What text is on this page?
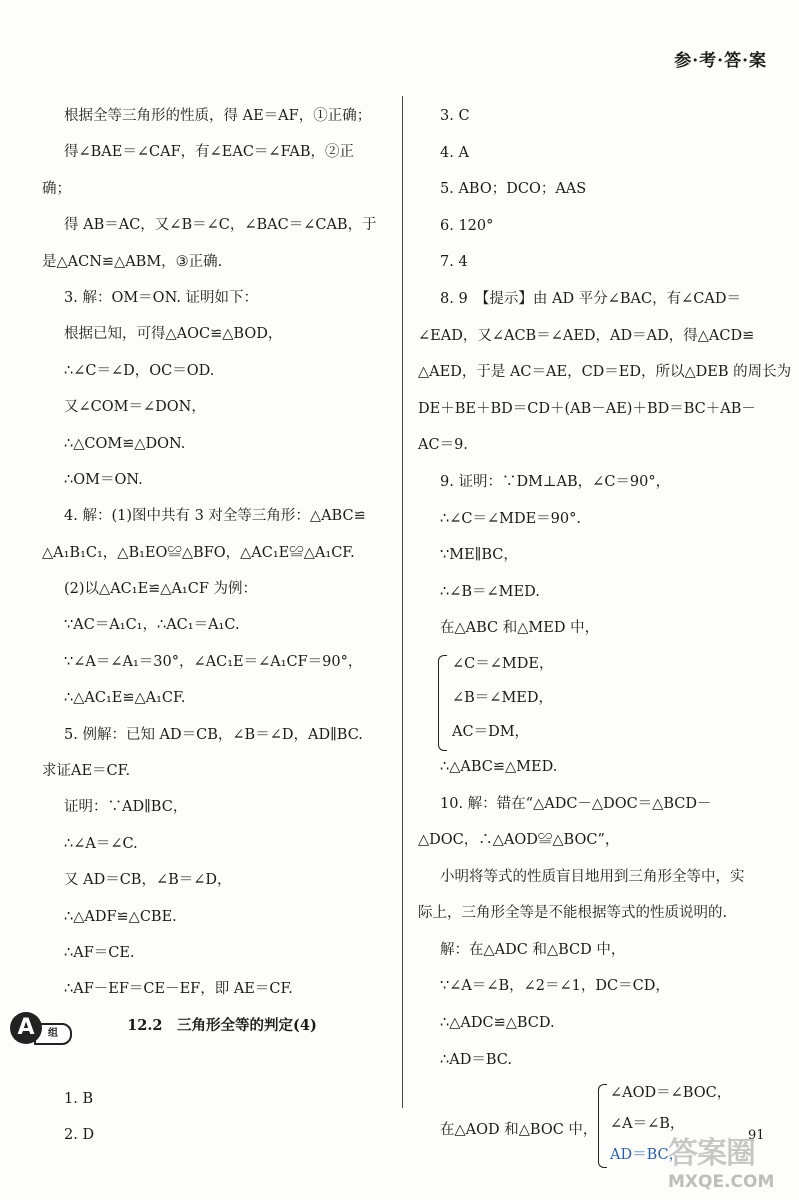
参·考·答·案
根据全等三角形的性质，得 AE＝AF，①正确；
得∠BAE＝∠CAF，有∠EAC＝∠FAB，②正
确；
得 AB＝AC，又∠B＝∠C，∠BAC＝∠CAB，于
是△ACN≌△ABM，③正确.
3. 解：OM＝ON. 证明如下：
根据已知，可得△AOC≌△BOD，
∴∠C＝∠D，OC＝OD.
又∠COM＝∠DON，
∴△COM≌△DON.
∴OM＝ON.
4. 解：(1)图中共有 3 对全等三角形：△ABC≌
△A₁B₁C₁，△B₁EO≌△BFO，△AC₁E≌△A₁CF.
(2)以△AC₁E≌△A₁CF 为例：
∵AC＝A₁C₁，∴AC₁＝A₁C.
∵∠A＝∠A₁＝30°，∠AC₁E＝∠A₁CF＝90°，
∴△AC₁E≌△A₁CF.
5. 例解：已知 AD＝CB，∠B＝∠D，AD∥BC.
求证AE＝CF.
证明：∵AD∥BC，
∴∠A＝∠C.
又 AD＝CB，∠B＝∠D，
∴△ADF≌△CBE.
∴AF＝CE.
∴AF－EF＝CE－EF，即 AE＝CF.
12.2　三角形全等的判定(4)
1. B
2. D
组
A
3. C
4. A
5. ABO；DCO；AAS
6. 120°
7. 4
8. 9　【提示】由 AD 平分∠BAC，有∠CAD＝
∠EAD，又∠ACB＝∠AED，AD＝AD，得△ACD≌
△AED，于是 AC＝AE，CD＝ED，所以△DEB 的周长为
DE＋BE＋BD＝CD＋(AB－AE)＋BD＝BC＋AB－
AC＝9.
9. 证明：∵DM⊥AB，∠C＝90°，
∴∠C＝∠MDE＝90°.
∵ME∥BC，
∴∠B＝∠MED.
在△ABC 和△MED 中，
∠C＝∠MDE，
∠B＝∠MED，
AC＝DM，
∴△ABC≌△MED.
10. 解：错在“△ADC－△DOC＝△BCD－
△DOC，∴△AOD≌△BOC”，
小明将等式的性质盲目地用到三角形全等中，实
际上，三角形全等是不能根据等式的性质说明的.
解：在△ADC 和△BCD 中，
∵∠A＝∠B，∠2＝∠1，DC＝CD，
∴△ADC≌△BCD.
∴AD＝BC.
在△AOD 和△BOC 中，
∠AOD＝∠BOC，
∠A＝∠B，
AD＝BC，
91
答案圈
MXQE.COM
